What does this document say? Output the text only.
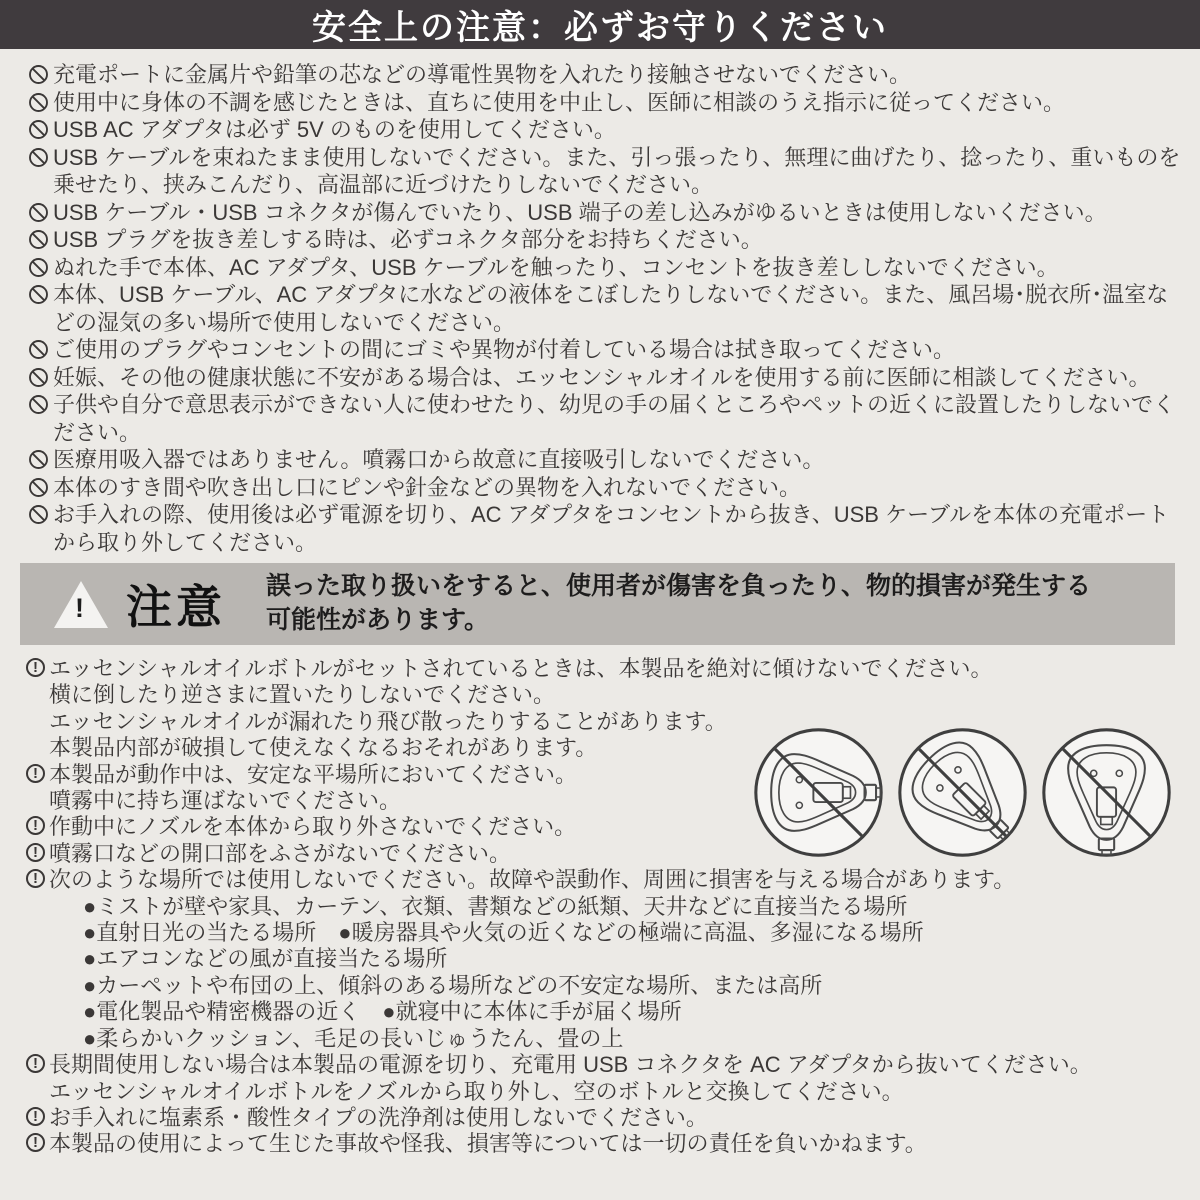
安全上の注意：必ずお守りください
充電ポートに金属片や鉛筆の芯などの導電性異物を入れたり接触させないでください。
使用中に身体の不調を感じたときは、直ちに使用を中止し、医師に相談のうえ指示に従ってください。
USB AC アダプタは必ず 5V のものを使用してください。
USB ケーブルを束ねたまま使用しないでください。また、引っ張ったり、無理に曲げたり、捻ったり、重いものを乗せたり、挟みこんだり、高温部に近づけたりしないでください。
USB ケーブル・USB コネクタが傷んでいたり、USB 端子の差し込みがゆるいときは使用しないください。
USB プラグを抜き差しする時は、必ずコネクタ部分をお持ちください。
ぬれた手で本体、AC アダプタ、USB ケーブルを触ったり、コンセントを抜き差ししないでください。
本体、USB ケーブル、AC アダプタに水などの液体をこぼしたりしないでください。また、風呂場･脱衣所･温室などの湿気の多い場所で使用しないでください。
ご使用のプラグやコンセントの間にゴミや異物が付着している場合は拭き取ってください。
妊娠、その他の健康状態に不安がある場合は、エッセンシャルオイルを使用する前に医師に相談してください。
子供や自分で意思表示ができない人に使わせたり、幼児の手の届くところやペットの近くに設置したりしないでください。
医療用吸入器ではありません。噴霧口から故意に直接吸引しないでください。
本体のすき間や吹き出し口にピンや針金などの異物を入れないでください。
お手入れの際、使用後は必ず電源を切り、AC アダプタをコンセントから抜き、USB ケーブルを本体の充電ポートから取り外してください。
! 注意 誤った取り扱いをすると、使用者が傷害を負ったり、物的損害が発生する
可能性があります。

! エッセンシャルオイルボトルがセットされているときは、本製品を絶対に傾けないでください。
横に倒したり逆さまに置いたりしないでください。
エッセンシャルオイルが漏れたり飛び散ったりすることがあります。
本製品内部が破損して使えなくなるおそれがあります。
! 本製品が動作中は、安定な平場所においてください。
噴霧中に持ち運ばないでください。
! 作動中にノズルを本体から取り外さないでください。
! 噴霧口などの開口部をふさがないでください。
! 次のような場所では使用しないでください。故障や誤動作、周囲に損害を与える場合があります。
●ミストが壁や家具、カーテン、衣類、書類などの紙類、天井などに直接当たる場所
●直射日光の当たる場所　●暖房器具や火気の近くなどの極端に高温、多湿になる場所
●エアコンなどの風が直接当たる場所
●カーペットや布団の上、傾斜のある場所などの不安定な場所、または高所
●電化製品や精密機器の近く　●就寝中に本体に手が届く場所
●柔らかいクッション、毛足の長いじゅうたん、畳の上
! 長期間使用しない場合は本製品の電源を切り、充電用 USB コネクタを AC アダプタから抜いてください。
エッセンシャルオイルボトルをノズルから取り外し、空のボトルと交換してください。
! お手入れに塩素系・酸性タイプの洗浄剤は使用しないでください。
! 本製品の使用によって生じた事故や怪我、損害等については一切の責任を負いかねます。
